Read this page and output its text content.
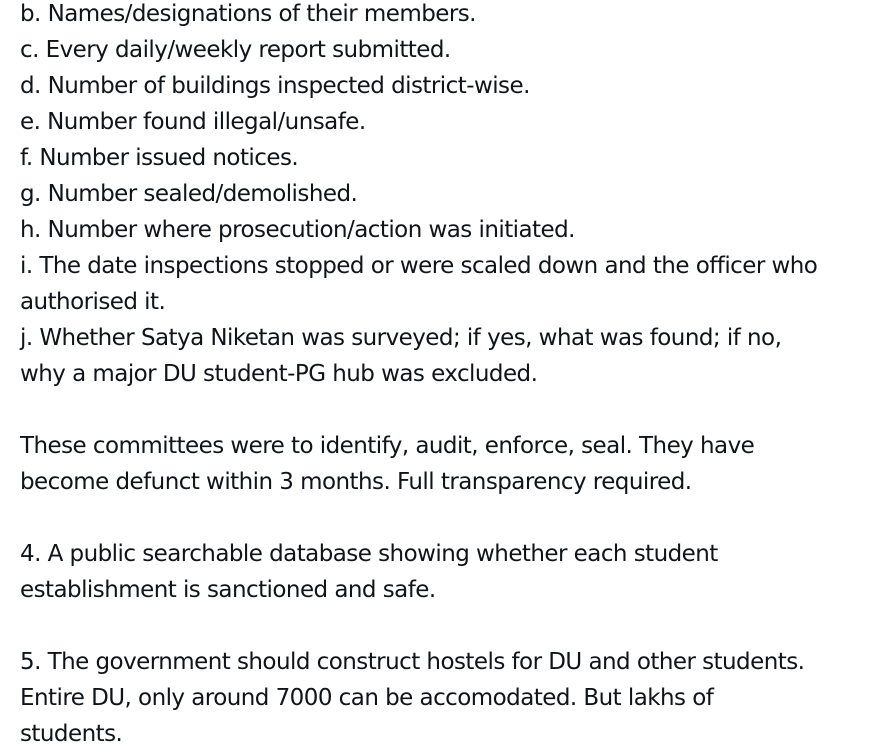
b. Names/designations of their members.
c. Every daily/weekly report submitted.
d. Number of buildings inspected district-wise.
e. Number found illegal/unsafe.
f. Number issued notices.
g. Number sealed/demolished.
h. Number where prosecution/action was initiated.
i. The date inspections stopped or were scaled down and the officer who
authorised it.
j. Whether Satya Niketan was surveyed; if yes, what was found; if no,
why a major DU student-PG hub was excluded.
These committees were to identify, audit, enforce, seal. They have
become defunct within 3 months. Full transparency required.
4. A public searchable database showing whether each student
establishment is sanctioned and safe.
5. The government should construct hostels for DU and other students.
Entire DU, only around 7000 can be accomodated. But lakhs of
students.
